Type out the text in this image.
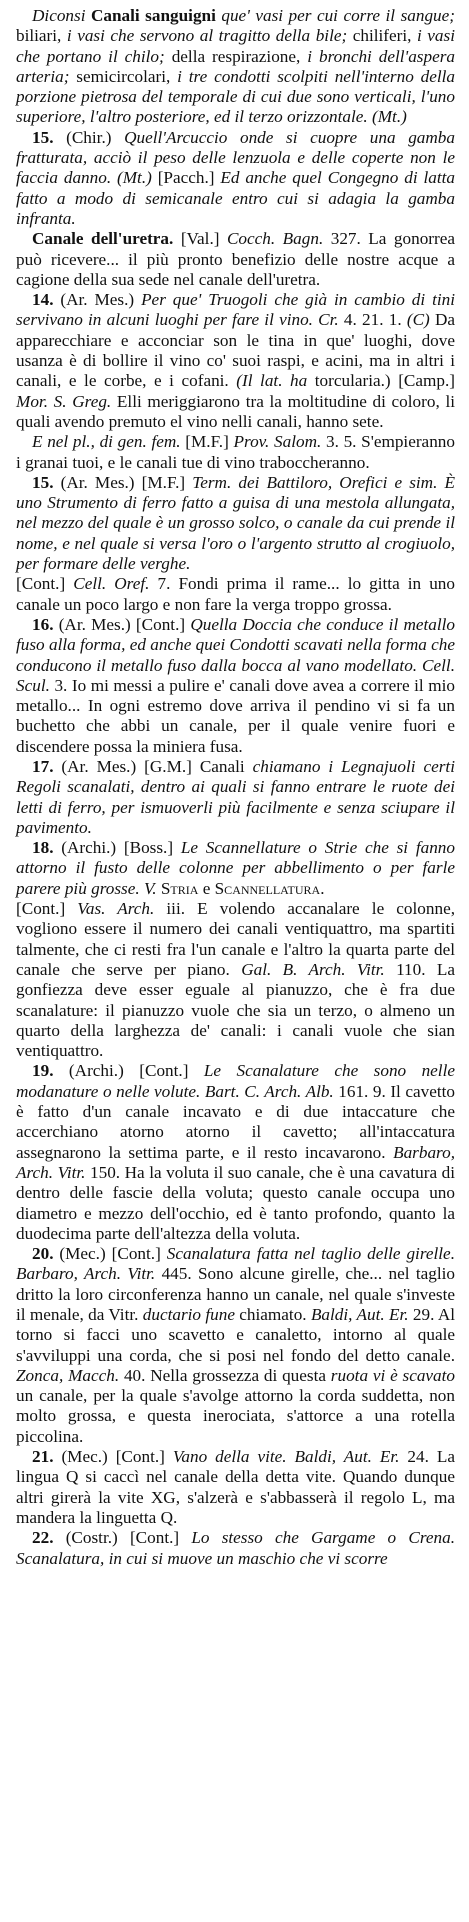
Diconsi Canali sanguigni que' vasi per cui corre il sangue; biliari, i vasi che servono al tragitto della bile; chiliferi, i vasi che portano il chilo; della respirazione, i bronchi dell'aspera arteria; semicircolari, i tre condotti scolpiti nell'interno della porzione pietrosa del temporale di cui due sono verticali, l'uno superiore, l'altro posteriore, ed il terzo orizzontale. (Mt.)

15. (Chir.) Quell'Arcuccio onde si cuopre una gamba fratturata, acciò il peso delle lenzuola e delle coperte non le faccia danno. (Mt.) [Pacch.] Ed anche quel Congegno di latta fatto a modo di semicanale entro cui si adagia la gamba infranta.

Canale dell'uretra. [Val.] Cocch. Bagn. 327. La gonorrea può ricevere... il più pronto benefizio delle nostre acque a cagione della sua sede nel canale dell'uretra.

14. (Ar. Mes.) Per que' Truogoli che già in cambio di tini servivano in alcuni luoghi per fare il vino. Cr. 4. 21. 1. (C) Da apparecchiare e acconciar son le tina in que' luoghi, dove usanza è di bollire il vino co' suoi raspi, e acini, ma in altri i canali, e le corbe, e i cofani. (Il lat. ha torcularia.) [Camp.] Mor. S. Greg. Elli meriggiarono tra la moltitudine di coloro, li quali avendo premuto el vino nelli canali, hanno sete.

E nel pl., di gen. fem. [M.F.] Prov. Salom. 3. 5. S'empieranno i granai tuoi, e le canali tue di vino traboccheranno.

15. (Ar. Mes.) [M.F.] Term. dei Battiloro, Orefici e sim. È uno Strumento di ferro fatto a guisa di una mestola allungata, nel mezzo del quale è un grosso solco, o canale da cui prende il nome, e nel quale si versa l'oro o l'argento strutto al crogiuolo, per formare delle verghe.

[Cont.] Cell. Oref. 7. Fondi prima il rame... lo gitta in uno canale un poco largo e non fare la verga troppo grossa.

16. (Ar. Mes.) [Cont.] Quella Doccia che conduce il metallo fuso alla forma, ed anche quei Condotti scavati nella forma che conducono il metallo fuso dalla bocca al vano modellato. Cell. Scul. 3. Io mi messi a pulire e' canali dove avea a correre il mio metallo... In ogni estremo dove arriva il pendino vi si fa un buchetto che abbi un canale, per il quale venire fuori e discendere possa la miniera fusa.

17. (Ar. Mes.) [G.M.] Canali chiamano i Legnajuoli certi Regoli scanalati, dentro ai quali si fanno entrare le ruote dei letti di ferro, per ismuoverli più facilmente e senza sciupare il pavimento.

18. (Archi.) [Boss.] Le Scannellature o Strie che si fanno attorno il fusto delle colonne per abbellimento o per farle parere più grosse. V. Stria e Scannellatura.

[Cont.] Vas. Arch. iii. E volendo accanalare le colonne, vogliono essere il numero dei canali ventiquattro, ma spartiti talmente, che ci resti fra l'un canale e l'altro la quarta parte del canale che serve per piano. Gal. B. Arch. Vitr. 110. La gonfiezza deve esser eguale al pianuzzo, che è fra due scanalature: il pianuzzo vuole che sia un terzo, o almeno un quarto della larghezza de' canali: i canali vuole che sian ventiquattro.

19. (Archi.) [Cont.] Le Scanalature che sono nelle modanature o nelle volute. Bart. C. Arch. Alb. 161. 9. Il cavetto è fatto d'un canale incavato e di due intaccature che accerchiano atorno atorno il cavetto; all'intaccatura assegnarono la settima parte, e il resto incavarono. Barbaro, Arch. Vitr. 150. Ha la voluta il suo canale, che è una cavatura di dentro delle fascie della voluta; questo canale occupa uno diametro e mezzo dell'occhio, ed è tanto profondo, quanto la duodecima parte dell'altezza della voluta.

20. (Mec.) [Cont.] Scanalatura fatta nel taglio delle girelle. Barbaro, Arch. Vitr. 445. Sono alcune girelle, che... nel taglio dritto la loro circonferenza hanno un canale, nel quale s'investe il menale, da Vitr. ductario fune chiamato. Baldi, Aut. Er. 29. Al torno si facci uno scavetto e canaletto, intorno al quale s'avviluppi una corda, che si posi nel fondo del detto canale. Zonca, Macch. 40. Nella grossezza di questa ruota vi è scavato un canale, per la quale s'avolge attorno la corda suddetta, non molto grossa, e questa inerociata, s'attorce a una rotella piccolina.

21. (Mec.) [Cont.] Vano della vite. Baldi, Aut. Er. 24. La lingua Q si caccì nel canale della detta vite. Quando dunque altri girerà la vite XG, s'alzerà e s'abbasserà il regolo L, ma mandera la linguetta Q.

22. (Costr.) [Cont.] Lo stesso che Gargame o Crena. Scanalatura, in cui si muove un maschio che vi scorre
